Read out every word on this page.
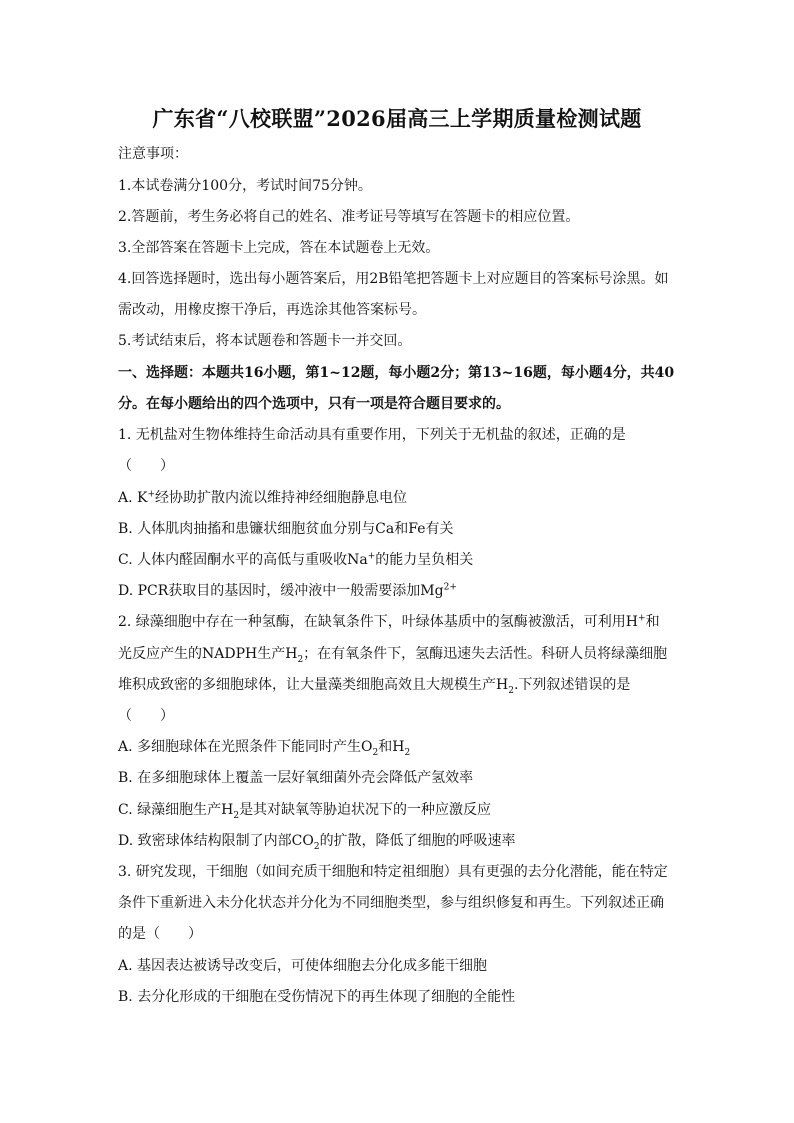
广东省“八校联盟”2026届高三上学期质量检测试题
注意事项：
1.本试卷满分100分，考试时间75分钟。
2.答题前，考生务必将自己的姓名、准考证号等填写在答题卡的相应位置。
3.全部答案在答题卡上完成，答在本试题卷上无效。
4.回答选择题时，选出每小题答案后，用2B铅笔把答题卡上对应题目的答案标号涂黑。如
需改动，用橡皮擦干净后，再选涂其他答案标号。
5.考试结束后，将本试题卷和答题卡一并交回。
一、选择题：本题共16小题，第1~12题，每小题2分；第13~16题，每小题4分，共40
分。在每小题给出的四个选项中，只有一项是符合题目要求的。
1. 无机盐对生物体维持生命活动具有重要作用，下列关于无机盐的叙述，正确的是
（　　）
A. K+经协助扩散内流以维持神经细胞静息电位
B. 人体肌肉抽搐和患镰状细胞贫血分别与Ca和Fe有关
C. 人体内醛固酮水平的高低与重吸收Na+的能力呈负相关
D. PCR获取目的基因时，缓冲液中一般需要添加$Mg^{2+}$
2. 绿藻细胞中存在一种氢酶，在缺氧条件下，叶绿体基质中的氢酶被激活，可利用H+和
光反应产生的NADPH生产$H_2$；在有氧条件下，氢酶迅速失去活性。科研人员将绿藻细胞
堆积成致密的多细胞球体，让大量藻类细胞高效且大规模生产$H_2$.下列叙述错误的是
（　　）
A. 多细胞球体在光照条件下能同时产生$O_2$和$H_2$
B. 在多细胞球体上覆盖一层好氧细菌外壳会降低产氢效率
C. 绿藻细胞生产$H_2$是其对缺氧等胁迫状况下的一种应激反应
D. 致密球体结构限制了内部$CO_2$的扩散，降低了细胞的呼吸速率
3. 研究发现，干细胞（如间充质干细胞和特定祖细胞）具有更强的去分化潜能，能在特定
条件下重新进入未分化状态并分化为不同细胞类型，参与组织修复和再生。下列叙述正确
的是（　　）
A. 基因表达被诱导改变后，可使体细胞去分化成多能干细胞
B. 去分化形成的干细胞在受伤情况下的再生体现了细胞的全能性
